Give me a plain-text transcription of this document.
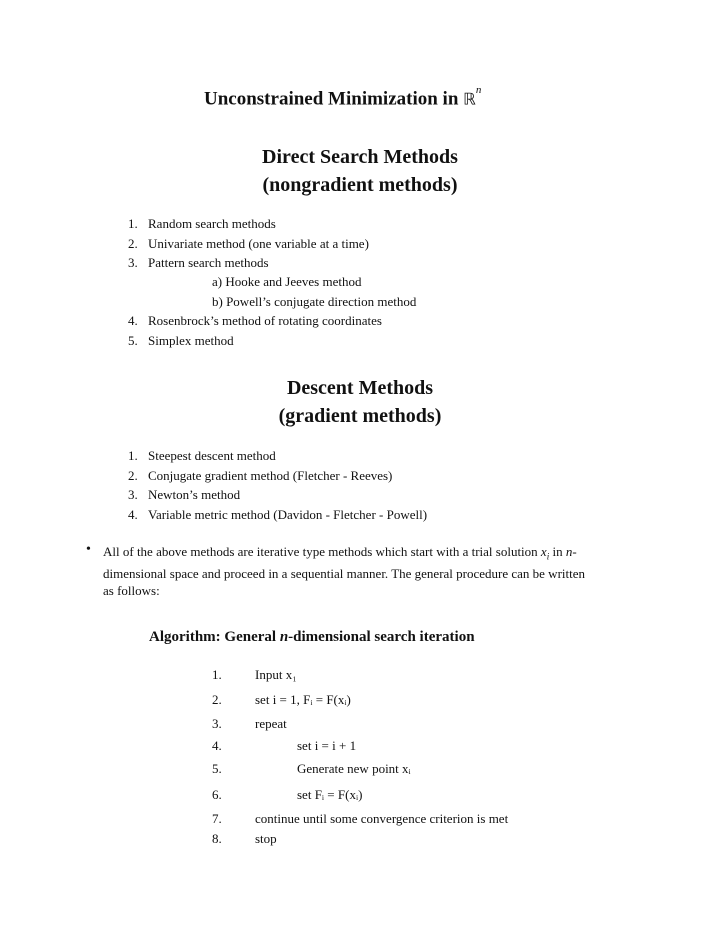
Unconstrained Minimization in ℝ$^n$
Direct Search Methods
(nongradient methods)
1. Random search methods
2. Univariate method (one variable at a time)
3. Pattern search methods
a) Hooke and Jeeves method
b) Powell’s conjugate direction method
4. Rosenbrock’s method of rotating coordinates
5. Simplex method
Descent Methods
(gradient methods)
1. Steepest descent method
2. Conjugate gradient method (Fletcher - Reeves)
3. Newton’s method
4. Variable metric method (Davidon - Fletcher - Powell)
• All of the above methods are iterative type methods which start with a trial solution $x_i$ in n-
dimensional space and proceed in a sequential manner. The general procedure can be written
as follows:
Algorithm: General n-dimensional search iteration
1.	Input x₁
2.	set i = 1, Fᵢ = F(xᵢ)
3.	repeat
4.	set i = i + 1
5.	Generate new point xᵢ
6.	set Fᵢ = F(xᵢ)
7.	continue until some convergence criterion is met
8.	stop
